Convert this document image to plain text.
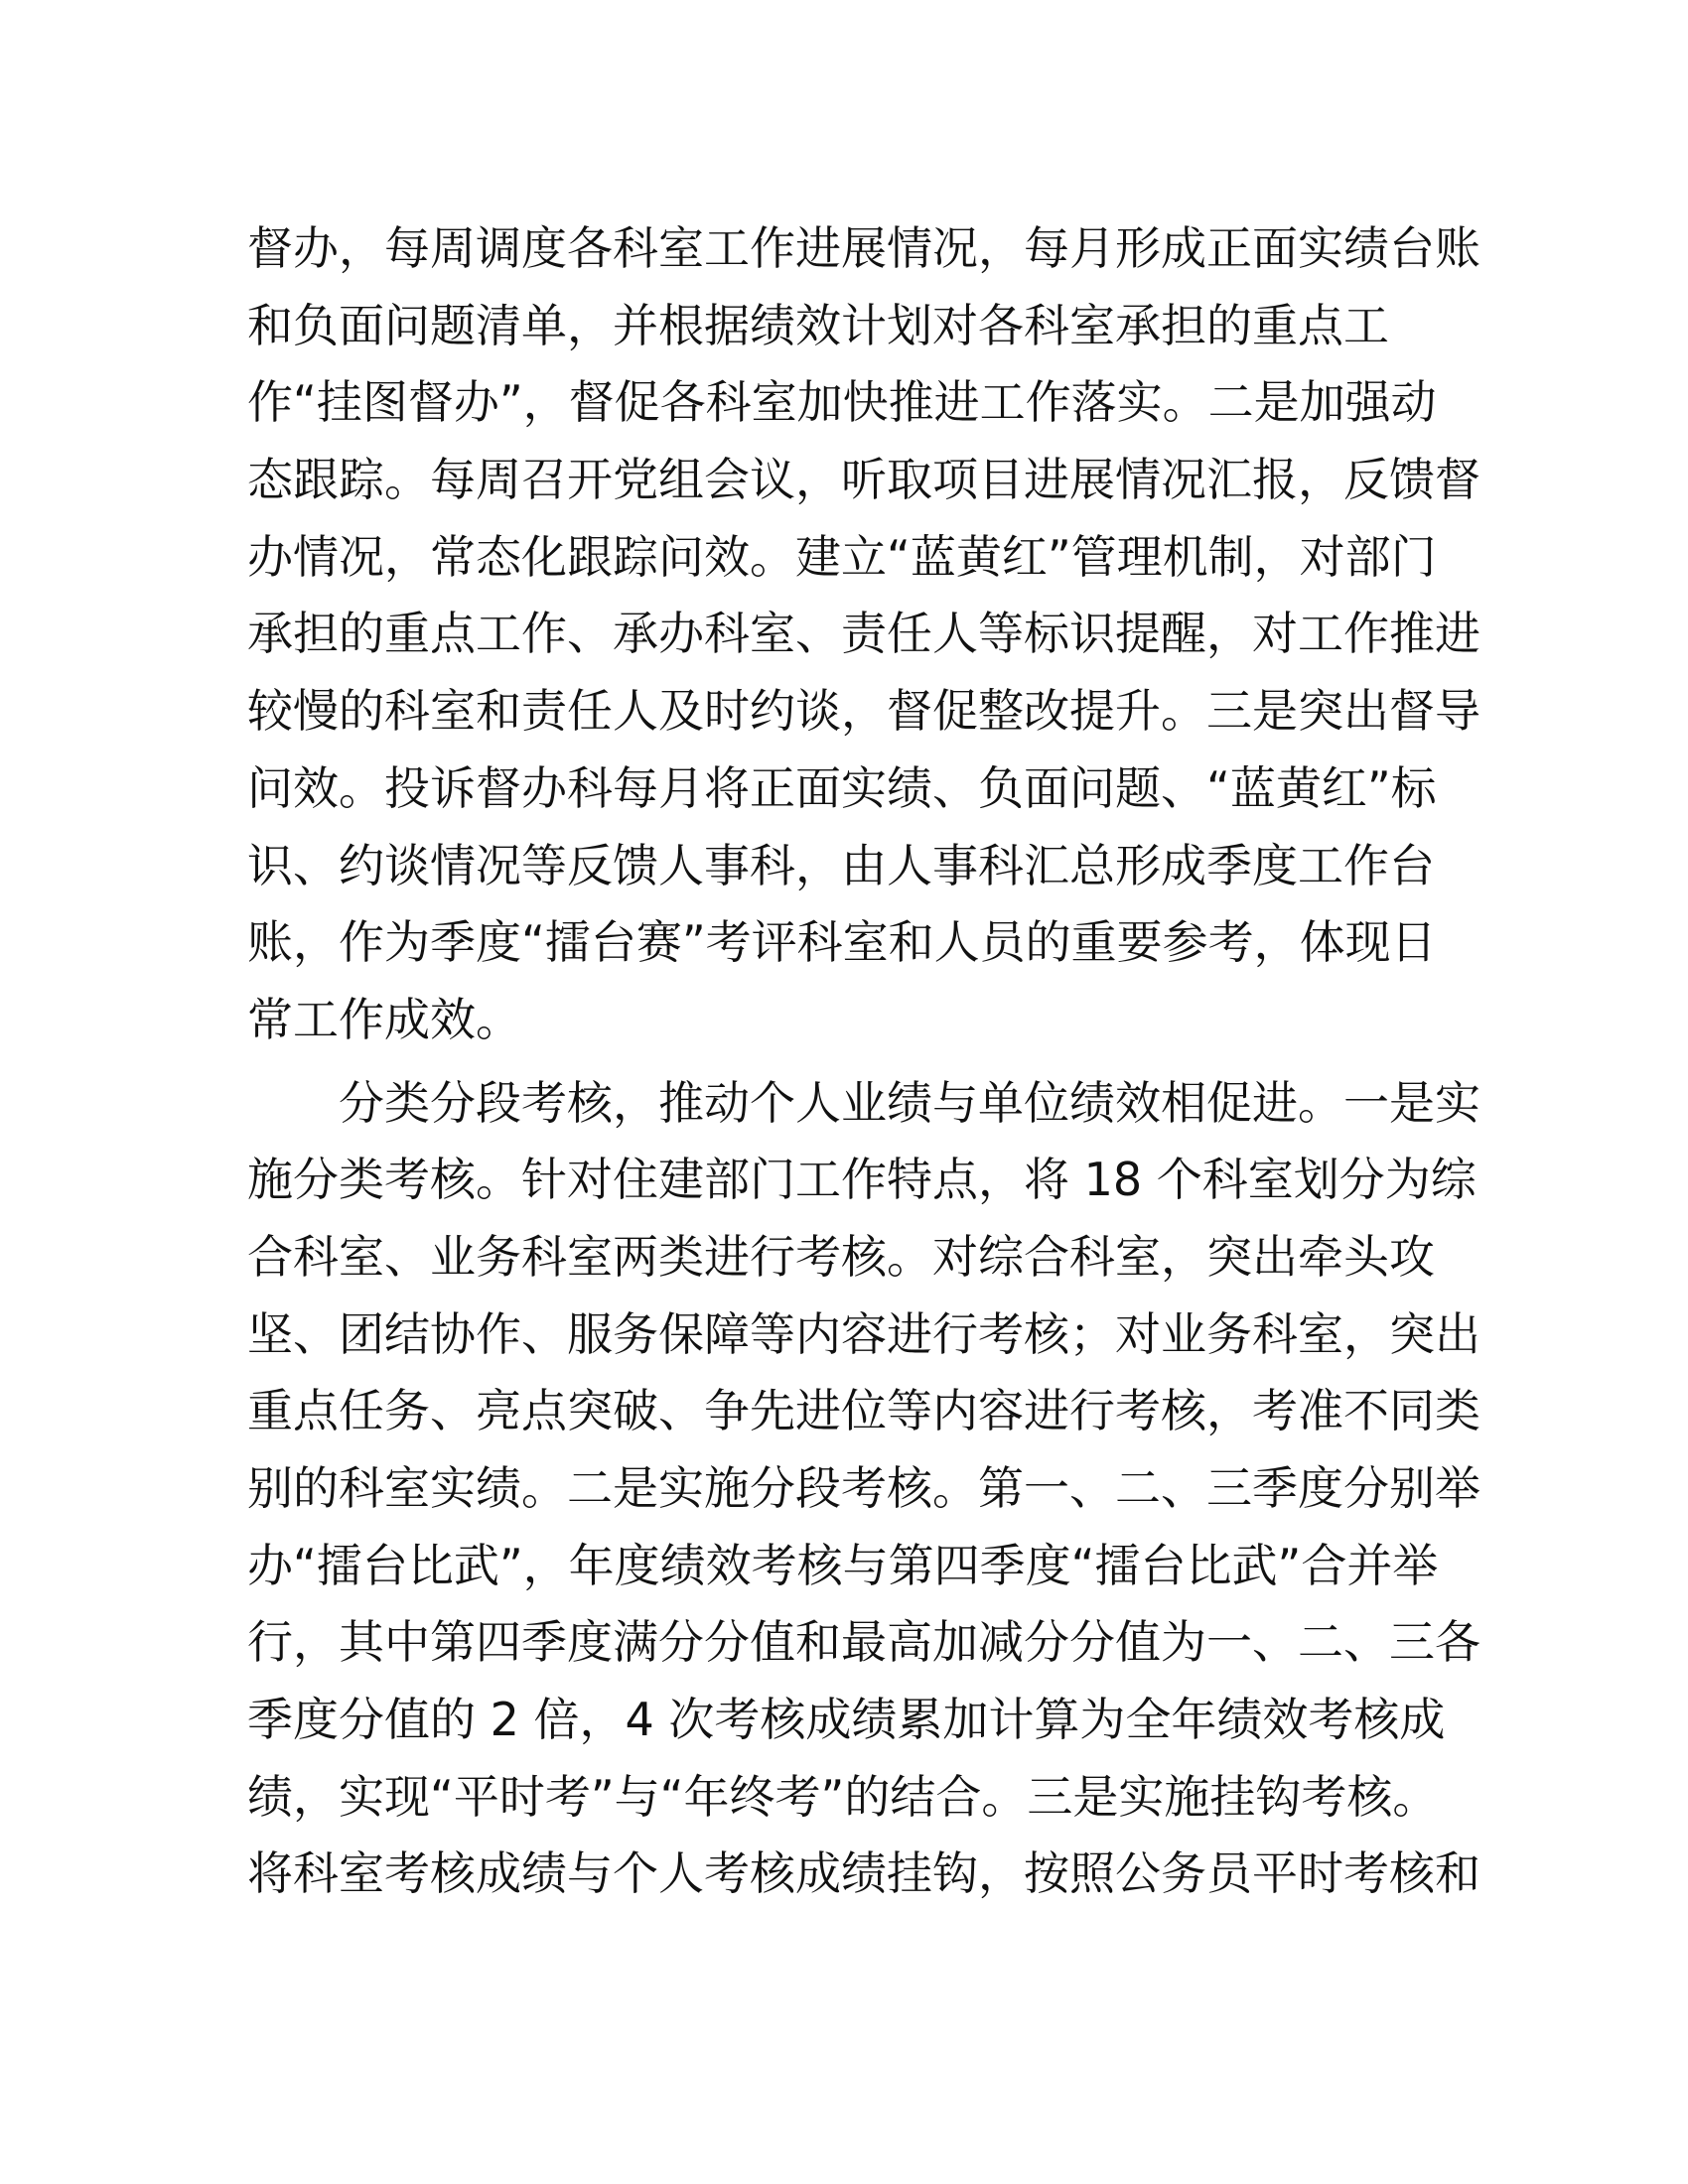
督办，每周调度各科室工作进展情况，每月形成正面实绩台账
和负面问题清单，并根据绩效计划对各科室承担的重点工
作“挂图督办”，督促各科室加快推进工作落实。二是加强动
态跟踪。每周召开党组会议，听取项目进展情况汇报，反馈督
办情况，常态化跟踪问效。建立“蓝黄红”管理机制，对部门
承担的重点工作、承办科室、责任人等标识提醒，对工作推进
较慢的科室和责任人及时约谈，督促整改提升。三是突出督导
问效。投诉督办科每月将正面实绩、负面问题、“蓝黄红”标
识、约谈情况等反馈人事科，由人事科汇总形成季度工作台
账，作为季度“擂台赛”考评科室和人员的重要参考，体现日
常工作成效。
　　分类分段考核，推动个人业绩与单位绩效相促进。一是实
施分类考核。针对住建部门工作特点，将 18 个科室划分为综
合科室、业务科室两类进行考核。对综合科室，突出牵头攻
坚、团结协作、服务保障等内容进行考核；对业务科室，突出
重点任务、亮点突破、争先进位等内容进行考核，考准不同类
别的科室实绩。二是实施分段考核。第一、二、三季度分别举
办“擂台比武”，年度绩效考核与第四季度“擂台比武”合并举
行，其中第四季度满分分值和最高加减分分值为一、二、三各
季度分值的 2 倍，4 次考核成绩累加计算为全年绩效考核成
绩，实现“平时考”与“年终考”的结合。三是实施挂钩考核。
将科室考核成绩与个人考核成绩挂钩，按照公务员平时考核和
